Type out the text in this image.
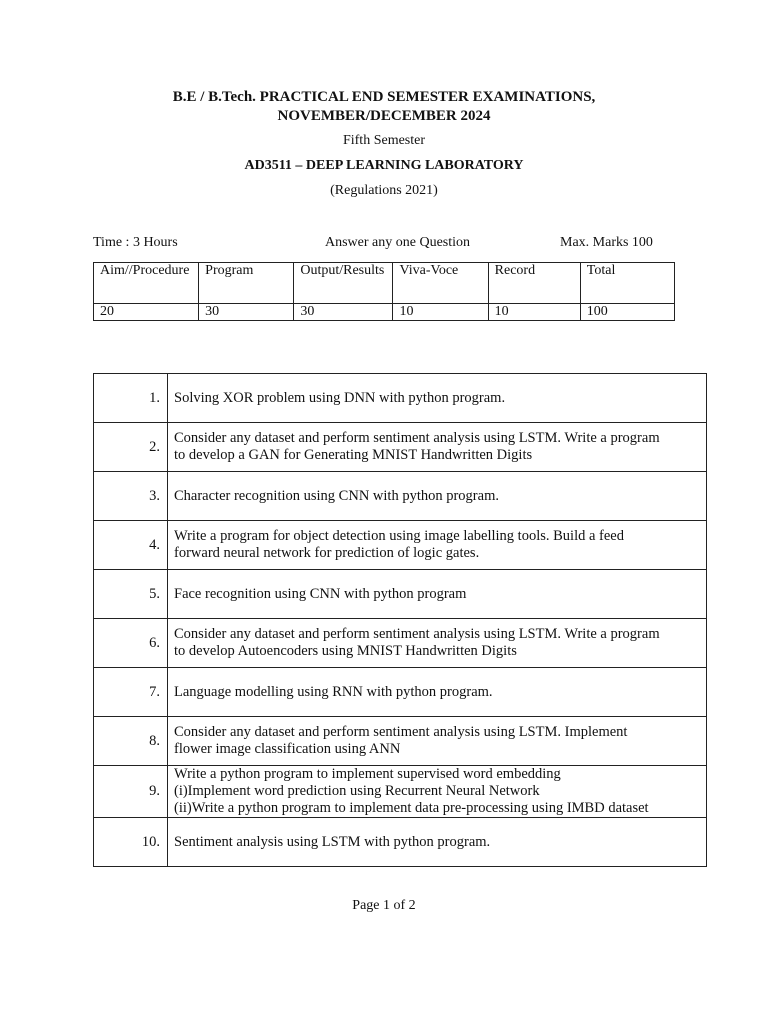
B.E / B.Tech. PRACTICAL END SEMESTER EXAMINATIONS,
NOVEMBER/DECEMBER 2024
Fifth Semester
AD3511 – DEEP LEARNING LABORATORY
(Regulations 2021)
Time : 3 Hours	Answer any one Question	Max. Marks 100
Aim//Procedure	Program	Output/Results	Viva-Voce	Record	Total
20	30	30	10	10	100
1.	Solving XOR problem using DNN with python program.

2.	Consider any dataset and perform sentiment analysis using LSTM. Write a program
to develop a GAN for Generating MNIST Handwritten Digits

3.	Character recognition using CNN with python program.

4.	Write a program for object detection using image labelling tools. Build a feed
forward neural network for prediction of logic gates.

5.	Face recognition using CNN with python program

6.	Consider any dataset and perform sentiment analysis using LSTM. Write a program
to develop Autoencoders using MNIST Handwritten Digits

7.	Language modelling using RNN with python program.

8.	Consider any dataset and perform sentiment analysis using LSTM. Implement
flower image classification using ANN

9.	Write a python program to implement supervised word embedding
(i)Implement word prediction using Recurrent Neural Network
(ii)Write a python program to implement data pre-processing using IMBD dataset

10.	Sentiment analysis using LSTM with python program.
Page 1 of 2
